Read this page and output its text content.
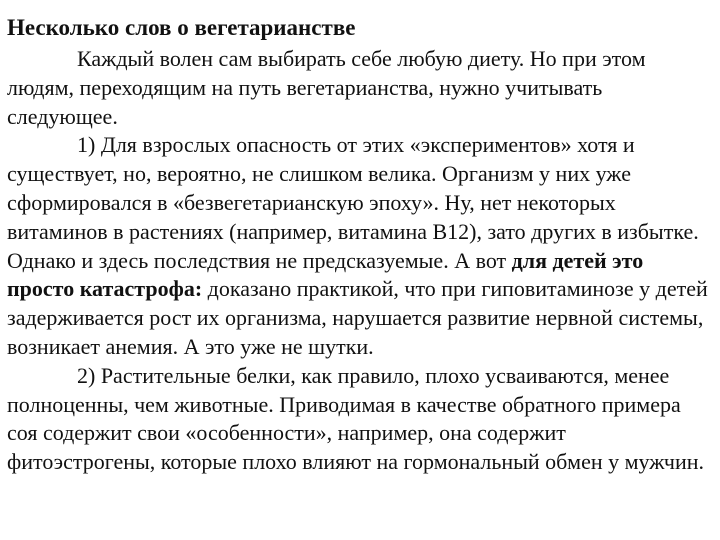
Несколько слов о вегетарианстве

Каждый волен сам выбирать себе любую диету. Но при этом людям, переходящим на путь вегетарианства, нужно учитывать следующее.

1) Для взрослых опасность от этих «экспериментов» хотя и существует, но, вероятно, не слишком велика. Организм у них уже сформировался в «безвегетарианскую эпоху». Ну, нет некоторых витаминов в растениях (например, витамина В12), зато других в избытке. Однако и здесь последствия не предсказуемые. А вот для детей это просто катастрофа: доказано практикой, что при гиповитаминозе у детей задерживается рост их организма, нарушается развитие нервной системы, возникает анемия. А это уже не шутки.

2) Растительные белки, как правило, плохо усваиваются, менее полноценны, чем животные. Приводимая в качестве обратного примера соя содержит свои «особенности», например, она содержит фитоэстрогены, которые плохо влияют на гормональный обмен у мужчин.
